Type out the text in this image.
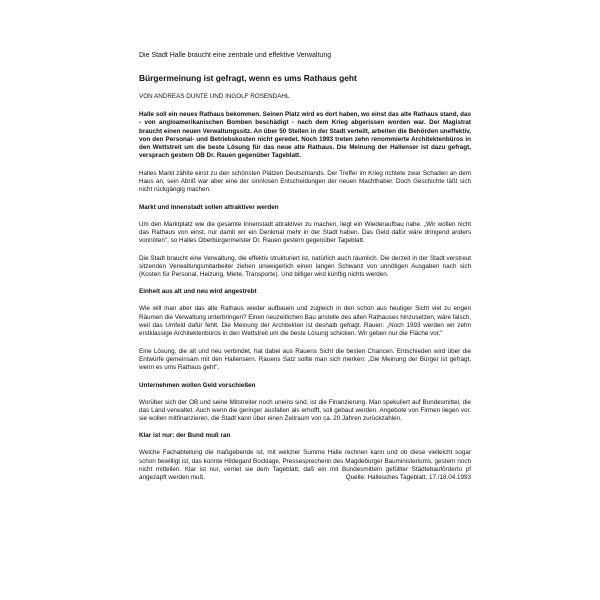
Die Stadt Halle braucht eine zentrale und effektive Verwaltung

Bürgermeinung ist gefragt, wenn es ums Rathaus geht

VON ANDREAS DUNTE UND INGOLF ROSENDAHL

Halle soll ein neues Rathaus bekommen. Seinen Platz wird es dort haben, wo einst das alte Rathaus stand, das - von angloamerikanischen Bomben beschädigt - nach dem Krieg abgerissen worden war. Der Magistrat braucht einen neuen Verwaltungssitz. An über 50 Stellen in der Stadt verteilt, arbeiten die Behörden uneffektiv, von den Personal- und Betriebskosten nicht geredet. Noch 1993 treten zehn renommierte Architektenbüros in den Wettstreit um die beste Lösung für das neue alte Rathaus. Die Meinung der Hallenser ist dazu gefragt, versprach gestern OB Dr. Rauen gegenüber Tageblatt.

Halles Markt zählte einst zu den schönsten Plätzen Deutschlands. Der Treffer im Krieg richtete zwar Schaden an dem Haus an, sein Abriß war aber eine der sinnlosen Entscheidungen der neuen Machthaber. Doch Geschichte läßt sich nicht rückgängig machen.

Markt und Innenstadt sollen attraktiver werden

Um den Marktplatz wie die gesamte Innenstadt attraktiver zu machen, liegt ein Wiederaufbau nahe. „Wir wollen nicht das Rathaus von einst, nur damit wir ein Denkmal mehr in der Stadt haben. Das Geld dafür wäre dringend anders vonnöten", so Halles Oberbürgermeister Dr. Rauen gestern gegenüber Tageblatt.

Die Stadt braucht eine Verwaltung, die effektiv strukturiert ist, natürlich auch räumlich. Die derzeit in der Stadt verstreut sitzenden Verwaltungsmitarbeiter ziehen unweigerlich einen langen Schwanz von unnötigen Ausgaben nach sich (Kosten für Personal, Heizung, Miete, Transporte). Und billiger wird künftig nichts werden.

Einheit aus alt und neu wird angestrebt

Wie will man aber das alte Rathaus wieder aufbauen und zugleich in den schon aus heutiger Sicht viel zu engen Räumen die Verwaltung unterbringen? Einen neuzeitlichen Bau anstelle des alten Rathauses hinzusetzen, wäre falsch, weil das Umfeld dafür fehlt. Die Meinung der Architekten ist deshalb gefragt. Rauen: „Noch 1993 werden wir zehn erstklassige Architektenbüros in den Wettstreit um die beste Lösung schicken. Wir geben nur die Fläche vor."

Eine Lösung, die alt und neu verbindet, hat dabei aus Rauens Sicht die besten Chancen. Entschieden wird über die Entwürfe gemeinsam mit den Hallensern. Rauens Satz sollte man sich merken: „Die Meinung der Bürger ist gefragt, wenn es ums Rathaus geht".

Unternehmen wollen Geld vorschießen

Worüber sich der OB und seine Mitstreiter noch uneins sind, ist die Finanzierung. Man spekuliert auf Bundesmittel, die das Land verwaltet. Auch wenn die geringer ausfallen als erhofft, soll gebaut werden. Angebote von Firmen liegen vor, sie wollen mitfinanzieren, die Stadt kann über einen Zeitraum von ca. 20 Jahren zurückzahlen.

Klar ist nur: der Bund muß ran

Welche Fachabteilung die maßgebende ist, mit welcher Summe Halle rechnen kann und ob diese vielleicht sogar schon bewilligt ist, das konnte Hildegard Bocklage, Pressesprecherin des Magdeburger Bauministeriums, gestern noch nicht mitteilen. Klar ist nur, verriet sie dem Tageblatt, daß ein mit Bundesmitteln gefüllter Städtebauförderto pf angezapft werden muß.	Quelle: Hallesches Tageblatt, 17./18.04.1993
